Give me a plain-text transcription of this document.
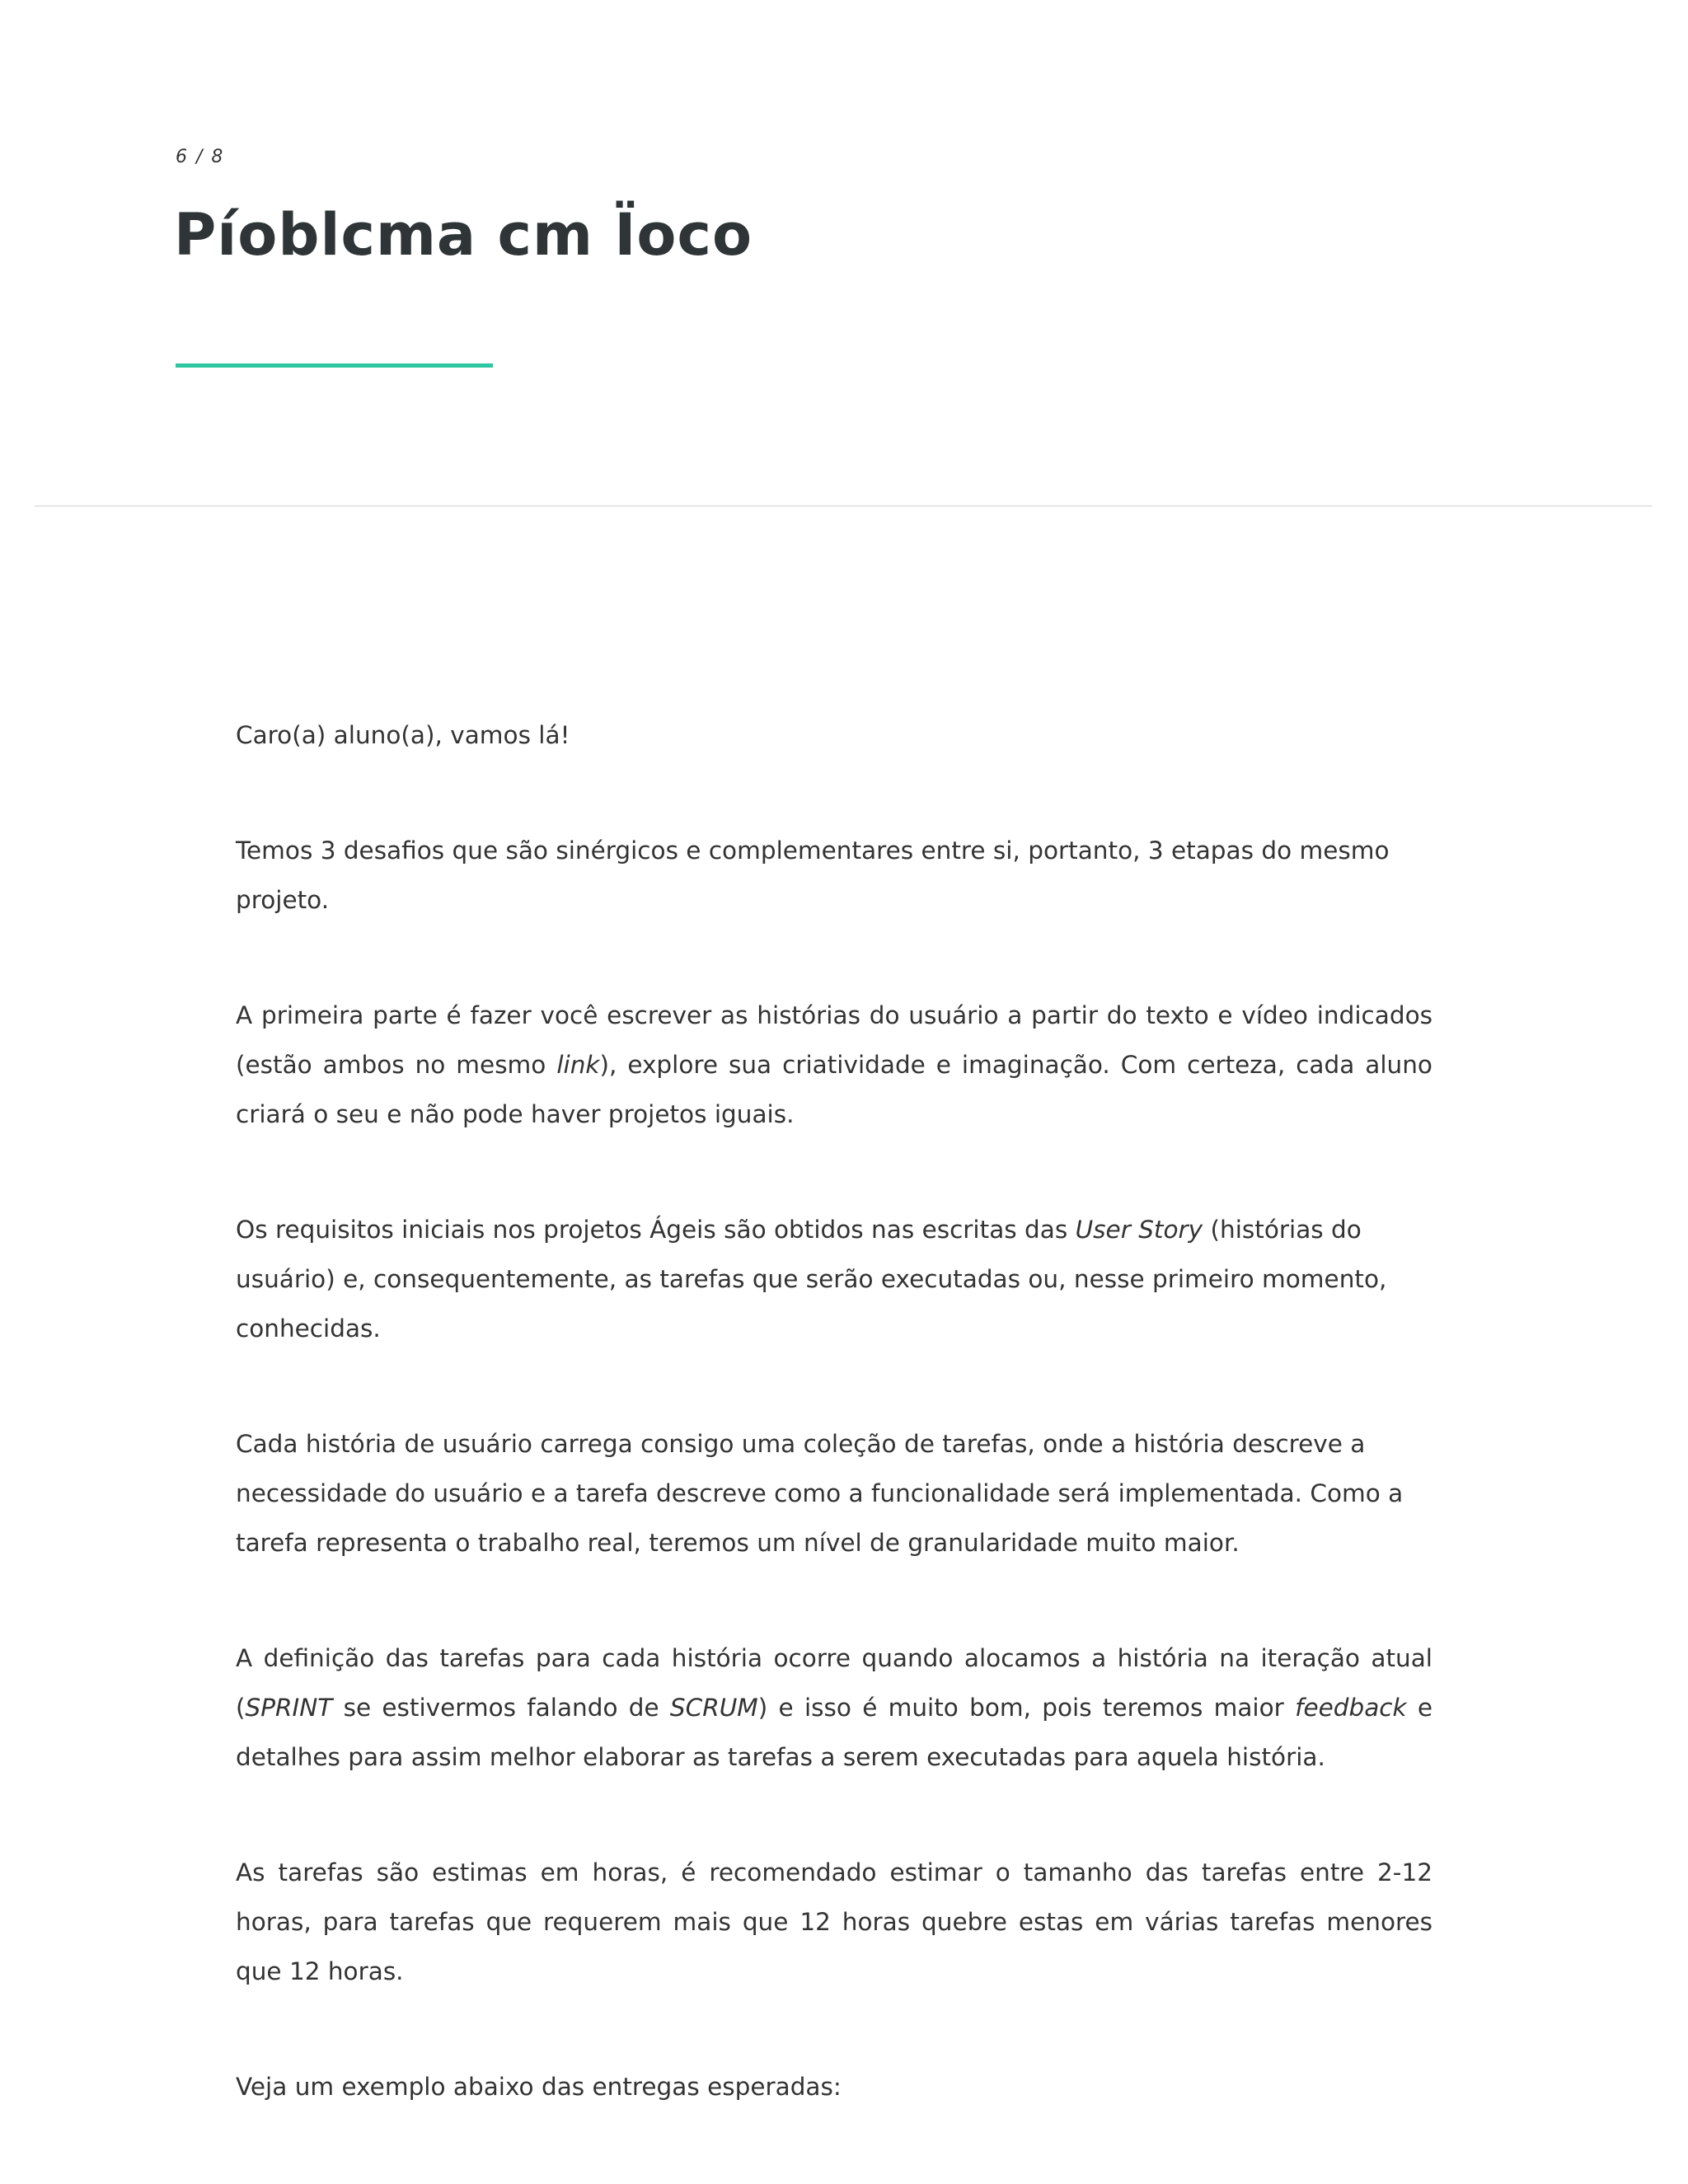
6 / 8
Píoblcma cm Ïoco

Caro(a) aluno(a), vamos lá!

Temos 3 desafios que são sinérgicos e complementares entre si, portanto, 3 etapas do mesmo projeto.

A primeira parte é fazer você escrever as histórias do usuário a partir do texto e vídeo indicados (estão ambos no mesmo link), explore sua criatividade e imaginação. Com certeza, cada aluno criará o seu e não pode haver projetos iguais.

Os requisitos iniciais nos projetos Ágeis são obtidos nas escritas das User Story (histórias do usuário) e, consequentemente, as tarefas que serão executadas ou, nesse primeiro momento, conhecidas.

Cada história de usuário carrega consigo uma coleção de tarefas, onde a história descreve a necessidade do usuário e a tarefa descreve como a funcionalidade será implementada. Como a tarefa representa o trabalho real, teremos um nível de granularidade muito maior.

A definição das tarefas para cada história ocorre quando alocamos a história na iteração atual (SPRINT se estivermos falando de SCRUM) e isso é muito bom, pois teremos maior feedback e detalhes para assim melhor elaborar as tarefas a serem executadas para aquela história.

As tarefas são estimas em horas, é recomendado estimar o tamanho das tarefas entre 2-12 horas, para tarefas que requerem mais que 12 horas quebre estas em várias tarefas menores que 12 horas.

Veja um exemplo abaixo das entregas esperadas:
